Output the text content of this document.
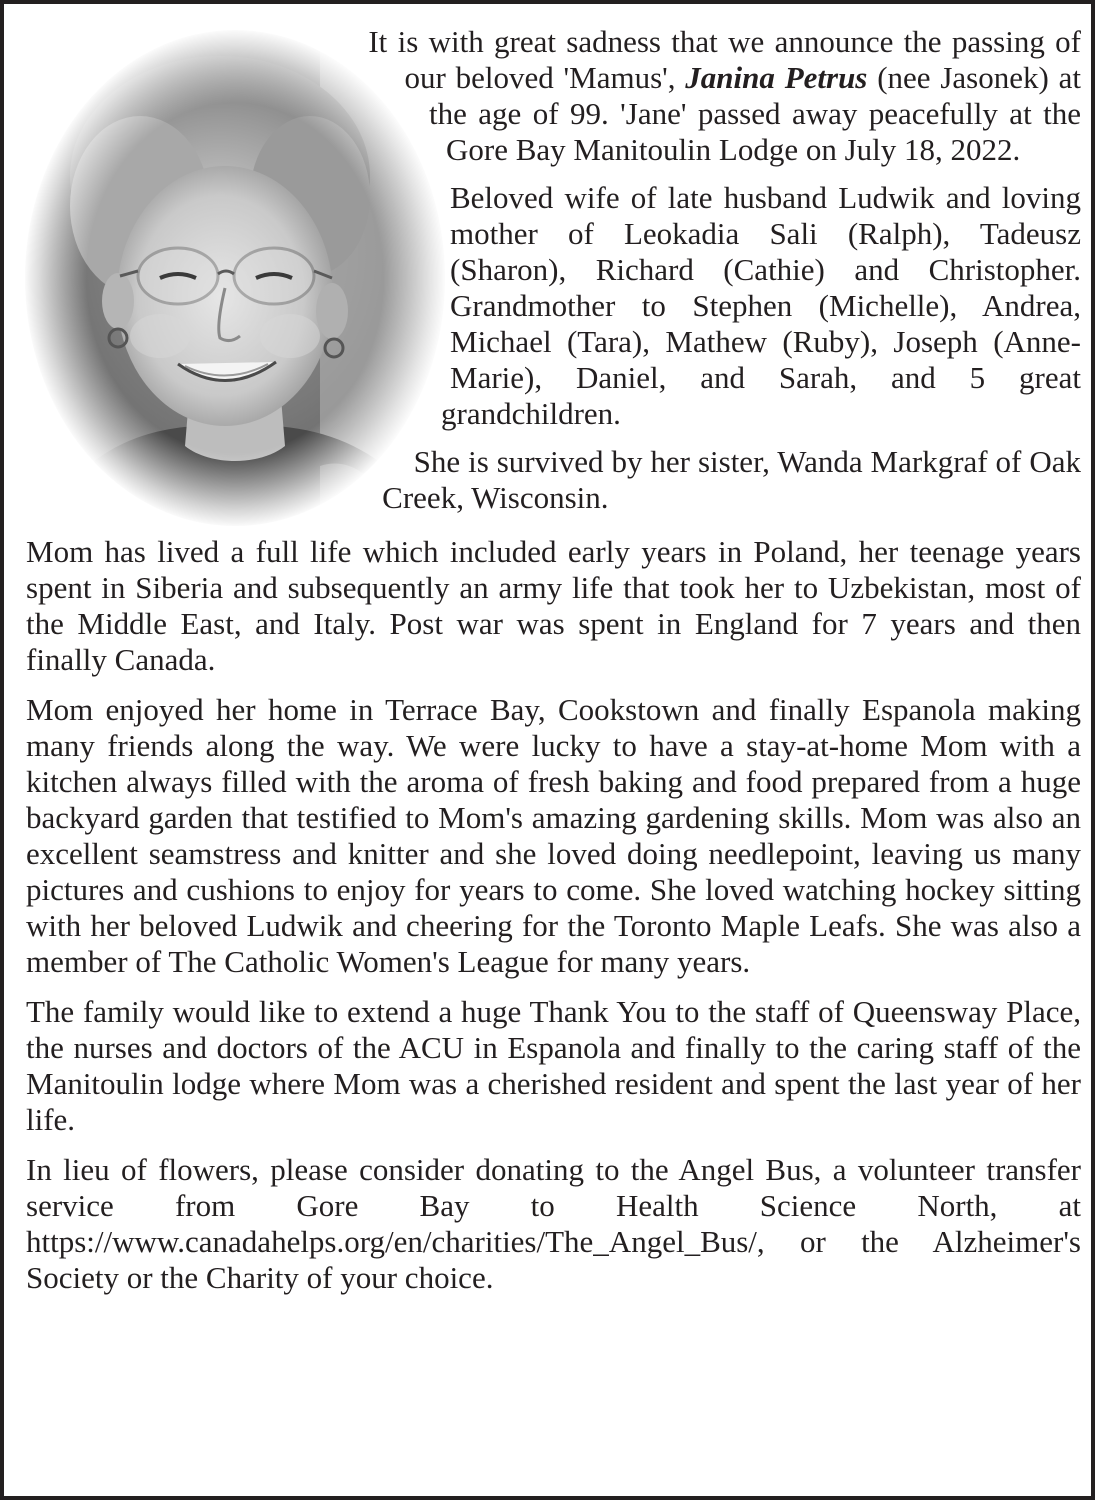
It is with great sadness that we announce the passing of our beloved 'Mamus', Janina Petrus (nee Jasonek) at the age of 99. 'Jane' passed away peacefully at the Gore Bay Manitoulin Lodge on July 18, 2022.

Beloved wife of late husband Ludwik and loving mother of Leokadia Sali (Ralph), Tadeusz (Sharon), Richard (Cathie) and Christopher. Grandmother to Stephen (Michelle), Andrea, Michael (Tara), Mathew (Ruby), Joseph (Anne-Marie), Daniel, and Sarah, and 5 great grandchildren.

She is survived by her sister, Wanda Markgraf of Oak Creek, Wisconsin.

Mom has lived a full life which included early years in Poland, her teenage years spent in Siberia and subsequently an army life that took her to Uzbekistan, most of the Middle East, and Italy. Post war was spent in England for 7 years and then finally Canada.

Mom enjoyed her home in Terrace Bay, Cookstown and finally Espanola making many friends along the way. We were lucky to have a stay-at-home Mom with a kitchen always filled with the aroma of fresh baking and food prepared from a huge backyard garden that testified to Mom's amazing gardening skills. Mom was also an excellent seamstress and knitter and she loved doing needlepoint, leaving us many pictures and cushions to enjoy for years to come. She loved watching hockey sitting with her beloved Ludwik and cheering for the Toronto Maple Leafs. She was also a member of The Catholic Women's League for many years.

The family would like to extend a huge Thank You to the staff of Queensway Place, the nurses and doctors of the ACU in Espanola and finally to the caring staff of the Manitoulin lodge where Mom was a cherished resident and spent the last year of her life.

In lieu of flowers, please consider donating to the Angel Bus, a volunteer transfer service from Gore Bay to Health Science North, at https://www.canadahelps.org/en/charities/The_Angel_Bus/, or the Alzheimer's Society or the Charity of your choice.
